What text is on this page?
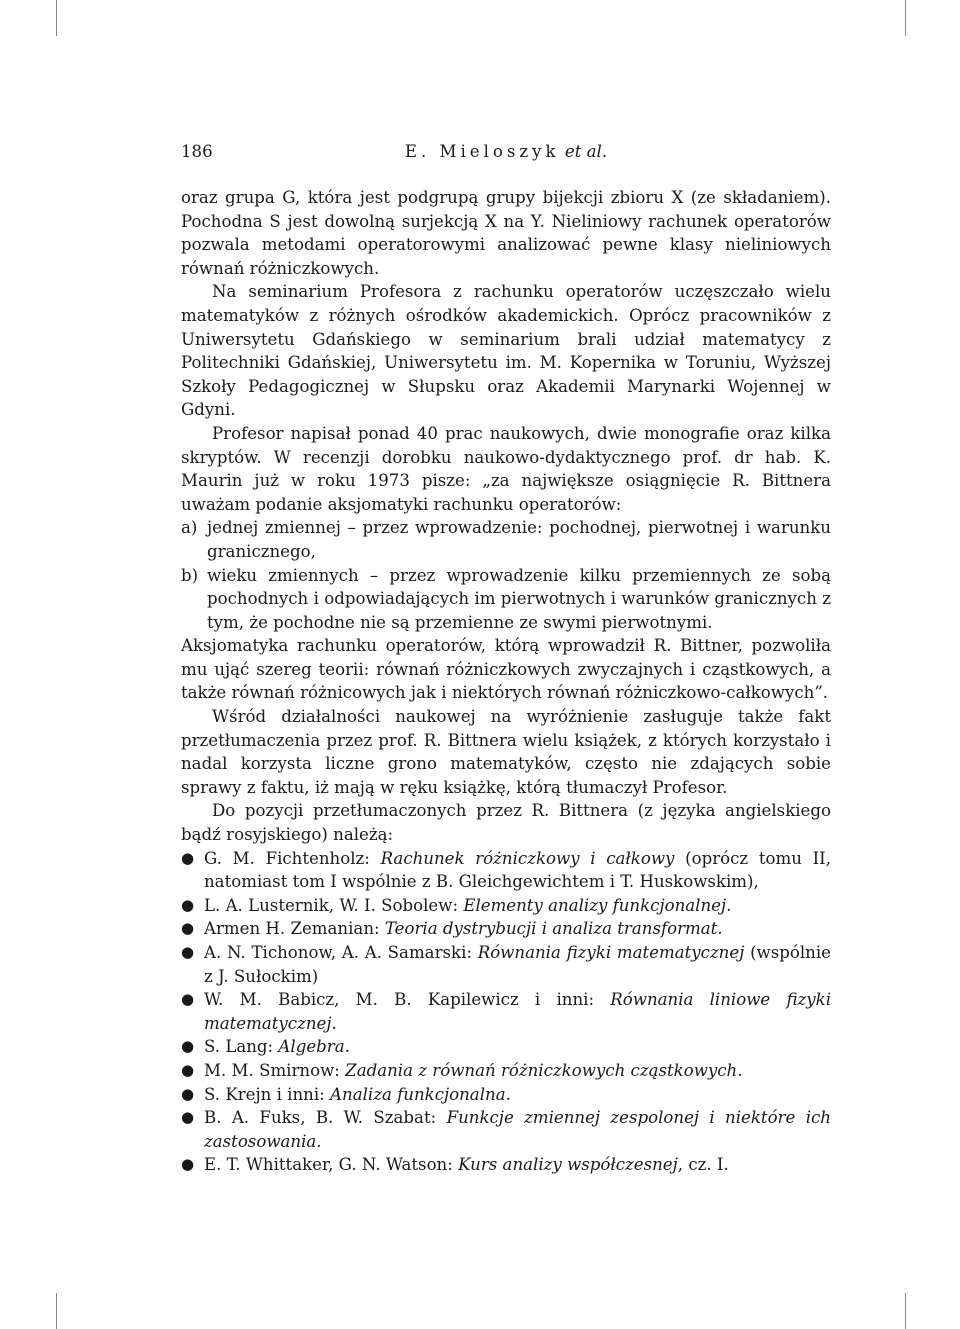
186	E. Mieloszyk et al.

oraz grupa G, która jest podgrupą grupy bijekcji zbioru X (ze składaniem). Pochodna S jest dowolną surjekcją X na Y. Nieliniowy rachunek operatorów pozwala metodami operatorowymi analizować pewne klasy nieliniowych równań różniczkowych.

Na seminarium Profesora z rachunku operatorów uczęszczało wielu matematyków z różnych ośrodków akademickich. Oprócz pracowników z Uniwersytetu Gdańskiego w seminarium brali udział matematycy z Politechniki Gdańskiej, Uniwersytetu im. M. Kopernika w Toruniu, Wyższej Szkoły Pedagogicznej w Słupsku oraz Akademii Marynarki Wojennej w Gdyni.

Profesor napisał ponad 40 prac naukowych, dwie monografie oraz kilka skryptów. W recenzji dorobku naukowo-dydaktycznego prof. dr hab. K. Maurin już w roku 1973 pisze: „za największe osiągnięcie R. Bittnera uważam podanie aksjomatyki rachunku operatorów:

a) jednej zmiennej – przez wprowadzenie: pochodnej, pierwotnej i warunku granicznego,
b) wieku zmiennych – przez wprowadzenie kilku przemiennych ze sobą pochodnych i odpowiadających im pierwotnych i warunków granicznych z tym, że pochodne nie są przemienne ze swymi pierwotnymi.

Aksjomatyka rachunku operatorów, którą wprowadził R. Bittner, pozwoliła mu ująć szereg teorii: równań różniczkowych zwyczajnych i cząstkowych, a także równań różnicowych jak i niektórych równań różniczkowo-całkowych”.

Wśród działalności naukowej na wyróżnienie zasługuje także fakt przetłumaczenia przez prof. R. Bittnera wielu książek, z których korzystało i nadal korzysta liczne grono matematyków, często nie zdających sobie sprawy z faktu, iż mają w ręku książkę, którą tłumaczył Profesor.

Do pozycji przetłumaczonych przez R. Bittnera (z języka angielskiego bądź rosyjskiego) należą:

● G. M. Fichtenholz: Rachunek różniczkowy i całkowy (oprócz tomu II, natomiast tom I wspólnie z B. Gleichgewichtem i T. Huskowskim),
● L. A. Lusternik, W. I. Sobolew: Elementy analizy funkcjonalnej.
● Armen H. Zemanian: Teoria dystrybucji i analiza transformat.
● A. N. Tichonow, A. A. Samarski: Równania fizyki matematycznej (wspólnie z J. Sułockim)
● W. M. Babicz, M. B. Kapilewicz i inni: Równania liniowe fizyki matematycznej.
● S. Lang: Algebra.
● M. M. Smirnow: Zadania z równań różniczkowych cząstkowych.
● S. Krejn i inni: Analiza funkcjonalna.
● B. A. Fuks, B. W. Szabat: Funkcje zmiennej zespolonej i niektóre ich zastosowania.
● E. T. Whittaker, G. N. Watson: Kurs analizy współczesnej, cz. I.
